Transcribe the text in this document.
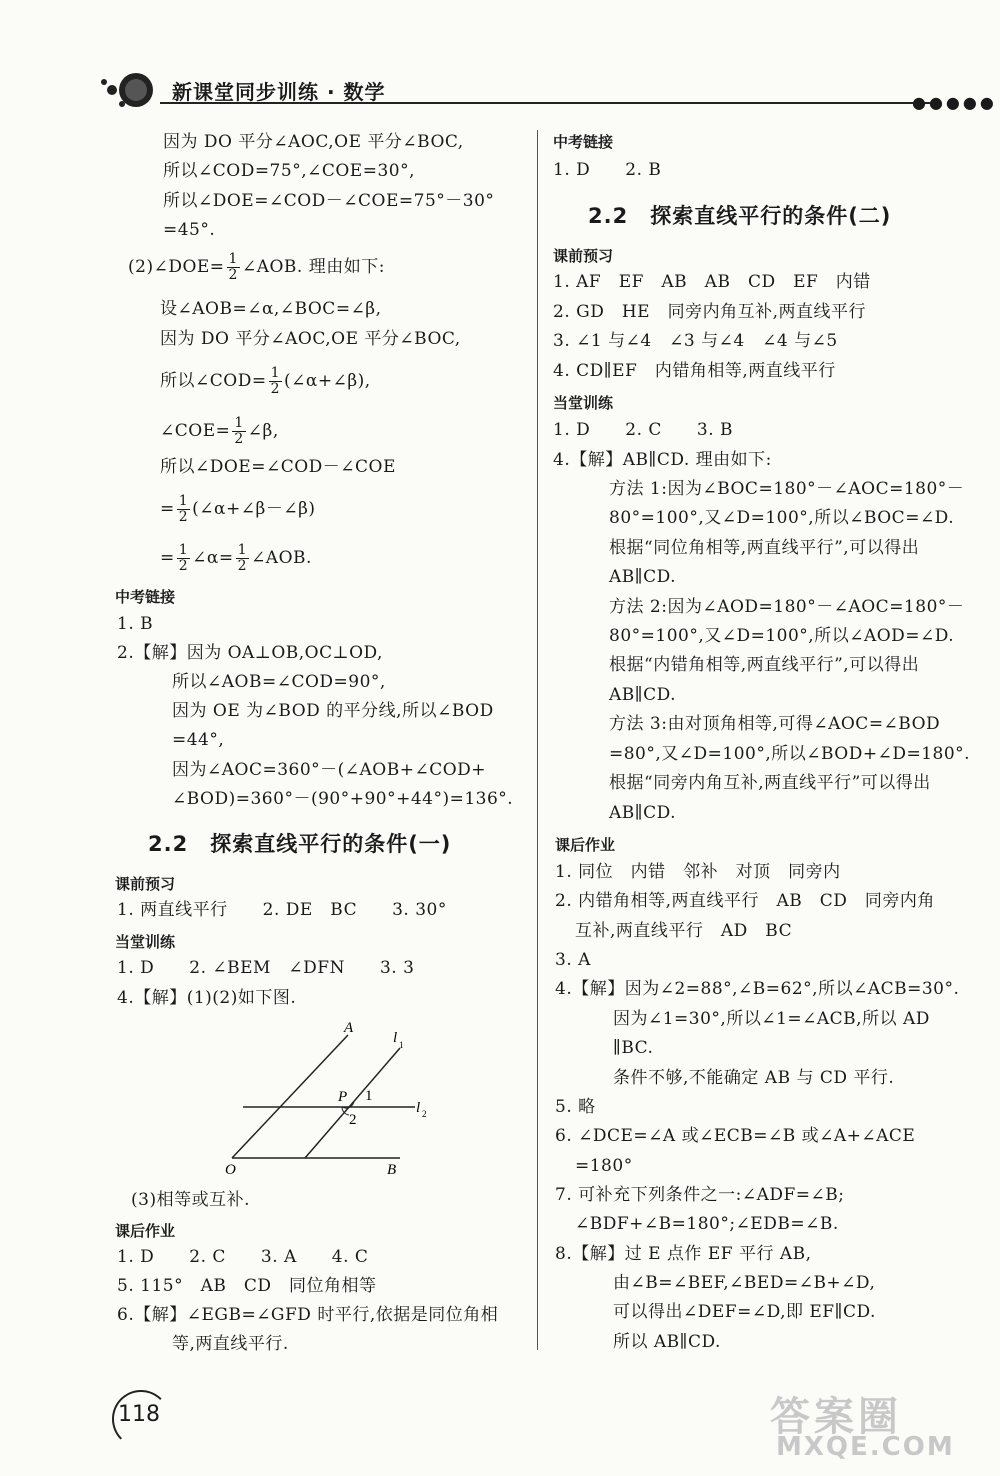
新课堂同步训练 · 数学	●●●●●
因为 DO 平分∠AOC,OE 平分∠BOC,
所以∠COD=75°,∠COE=30°,
所以∠DOE=∠COD－∠COE=75°－30°
=45°.
(2)∠DOE= $\frac{1}{2}$ ∠AOB. 理由如下:
设∠AOB=∠α,∠BOC=∠β,
因为 DO 平分∠AOC,OE 平分∠BOC,
所以∠COD= $\frac{1}{2}$ (∠α+∠β),
∠COE= $\frac{1}{2}$ ∠β,
所以∠DOE=∠COD－∠COE
= $\frac{1}{2}$ (∠α+∠β－∠β)
= $\frac{1}{2}$ ∠α= $\frac{1}{2}$ ∠AOB.
中考链接
1. B
2.【解】因为 OA⊥OB,OC⊥OD,
所以∠AOB=∠COD=90°,
因为 OE 为∠BOD 的平分线,所以∠BOD
=44°,
因为∠AOC=360°－(∠AOB+∠COD+
∠BOD)=360°－(90°+90°+44°)=136°.
2.2　探索直线平行的条件(一)
课前预习
1. 两直线平行　　2. DE　BC　　3. 30°
当堂训练
1. D　　2. ∠BEM　∠DFN　　3. 3
4.【解】(1)(2)如下图.
A
l 1
P 1
2
l 2
O	B
(3)相等或互补.
课后作业
1. D　　2. C　　3. A　　4. C
5. 115°　AB　CD　同位角相等
6.【解】∠EGB=∠GFD 时平行,依据是同位角相
等,两直线平行.
中考链接
1. D　　2. B
2.2　探索直线平行的条件(二)
课前预习
1. AF　EF　AB　AB　CD　EF　内错
2. GD　HE　同旁内角互补,两直线平行
3. ∠1 与∠4　∠3 与∠4　∠4 与∠5
4. CD∥EF　内错角相等,两直线平行
当堂训练
1. D　　2. C　　3. B
4.【解】AB∥CD. 理由如下:
方法 1:因为∠BOC=180°－∠AOC=180°－
80°=100°,又∠D=100°,所以∠BOC=∠D.
根据“同位角相等,两直线平行”,可以得出
AB∥CD.
方法 2:因为∠AOD=180°－∠AOC=180°－
80°=100°,又∠D=100°,所以∠AOD=∠D.
根据“内错角相等,两直线平行”,可以得出
AB∥CD.
方法 3:由对顶角相等,可得∠AOC=∠BOD
=80°,又∠D=100°,所以∠BOD+∠D=180°.
根据“同旁内角互补,两直线平行”可以得出
AB∥CD.
课后作业
1. 同位　内错　邻补　对顶　同旁内
2. 内错角相等,两直线平行　AB　CD　同旁内角
互补,两直线平行　AD　BC
3. A
4.【解】因为∠2=88°,∠B=62°,所以∠ACB=30°.
因为∠1=30°,所以∠1=∠ACB,所以 AD
∥BC.
条件不够,不能确定 AB 与 CD 平行.
5. 略
6. ∠DCE=∠A 或∠ECB=∠B 或∠A+∠ACE
=180°
7. 可补充下列条件之一:∠ADF=∠B;
∠BDF+∠B=180°;∠EDB=∠B.
8.【解】过 E 点作 EF 平行 AB,
由∠B=∠BEF,∠BED=∠B+∠D,
可以得出∠DEF=∠D,即 EF∥CD.
所以 AB∥CD.
118	答案圈
MXQE.COM
